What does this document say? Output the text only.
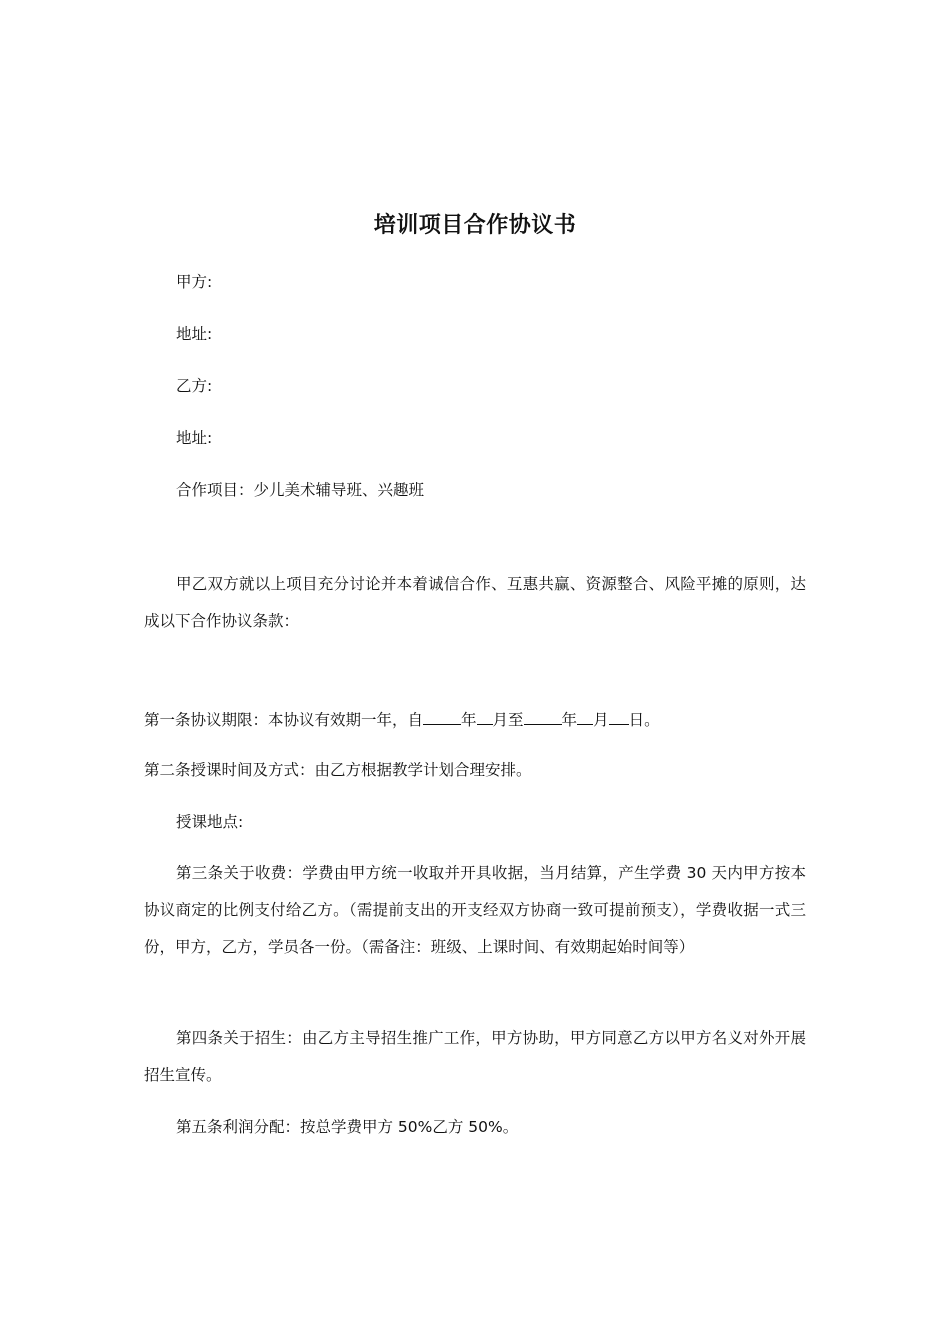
培训项目合作协议书
甲方:
地址:
乙方:
地址:
合作项目：少儿美术辅导班、兴趣班
甲乙双方就以上项目充分讨论并本着诚信合作、互惠共赢、资源整合、风险平摊的原则，达成以下合作协议条款：
第一条协议期限：本协议有效期一年，自 年 月至 年 月 日。
第二条授课时间及方式：由乙方根据教学计划合理安排。
授课地点:
第三条关于收费：学费由甲方统一收取并开具收据，当月结算，产生学费 30 天内甲方按本协议商定的比例支付给乙方。（需提前支出的开支经双方协商一致可提前预支），学费收据一式三份，甲方，乙方，学员各一份。（需备注：班级、上课时间、有效期起始时间等）
第四条关于招生：由乙方主导招生推广工作，甲方协助，甲方同意乙方以甲方名义对外开展招生宣传。
第五条利润分配：按总学费甲方 50%乙方 50%。
